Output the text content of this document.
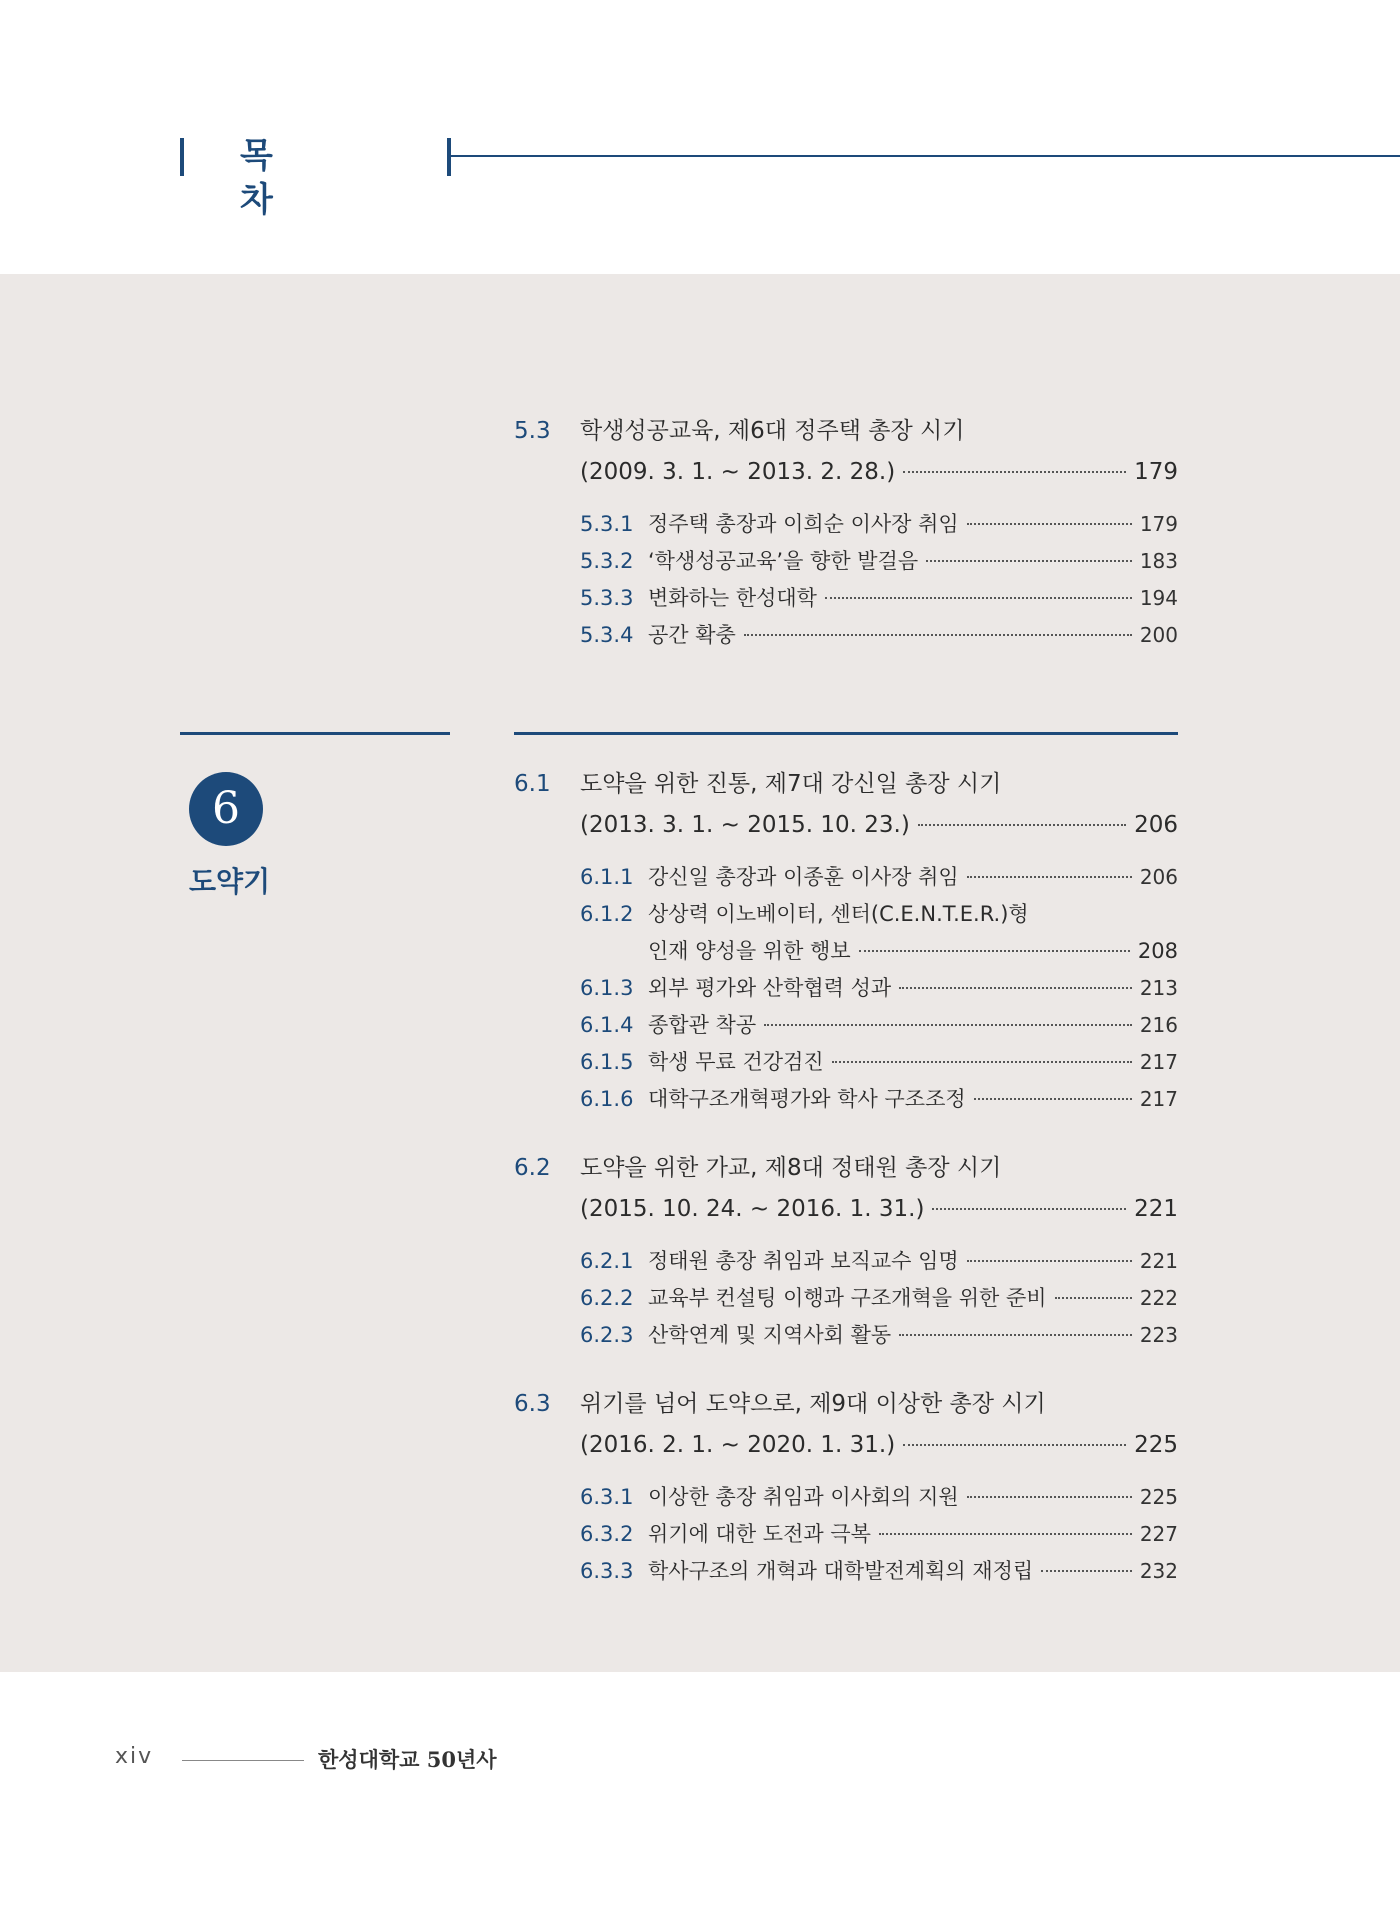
목 차
5.3 학생성공교육, 제6대 정주택 총장 시기
(2009. 3. 1. ~ 2013. 2. 28.)	179
5.3.1 정주택 총장과 이희순 이사장 취임	179
5.3.2 ‘학생성공교육’을 향한 발걸음	183
5.3.3 변화하는 한성대학	194
5.3.4 공간 확충	200
6
도약기
6.1 도약을 위한 진통, 제7대 강신일 총장 시기
(2013. 3. 1. ~ 2015. 10. 23.)	206
6.1.1 강신일 총장과 이종훈 이사장 취임	206
6.1.2 상상력 이노베이터, 센터(C.E.N.T.E.R.)형
인재 양성을 위한 행보	208
6.1.3 외부 평가와 산학협력 성과	213
6.1.4 종합관 착공	216
6.1.5 학생 무료 건강검진	217
6.1.6 대학구조개혁평가와 학사 구조조정	217
6.2 도약을 위한 가교, 제8대 정태원 총장 시기
(2015. 10. 24. ~ 2016. 1. 31.)	221
6.2.1 정태원 총장 취임과 보직교수 임명	221
6.2.2 교육부 컨설팅 이행과 구조개혁을 위한 준비	222
6.2.3 산학연계 및 지역사회 활동	223
6.3 위기를 넘어 도약으로, 제9대 이상한 총장 시기
(2016. 2. 1. ~ 2020. 1. 31.)	225
6.3.1 이상한 총장 취임과 이사회의 지원	225
6.3.2 위기에 대한 도전과 극복	227
6.3.3 학사구조의 개혁과 대학발전계획의 재정립	232
xiv	한성대학교 50년사
